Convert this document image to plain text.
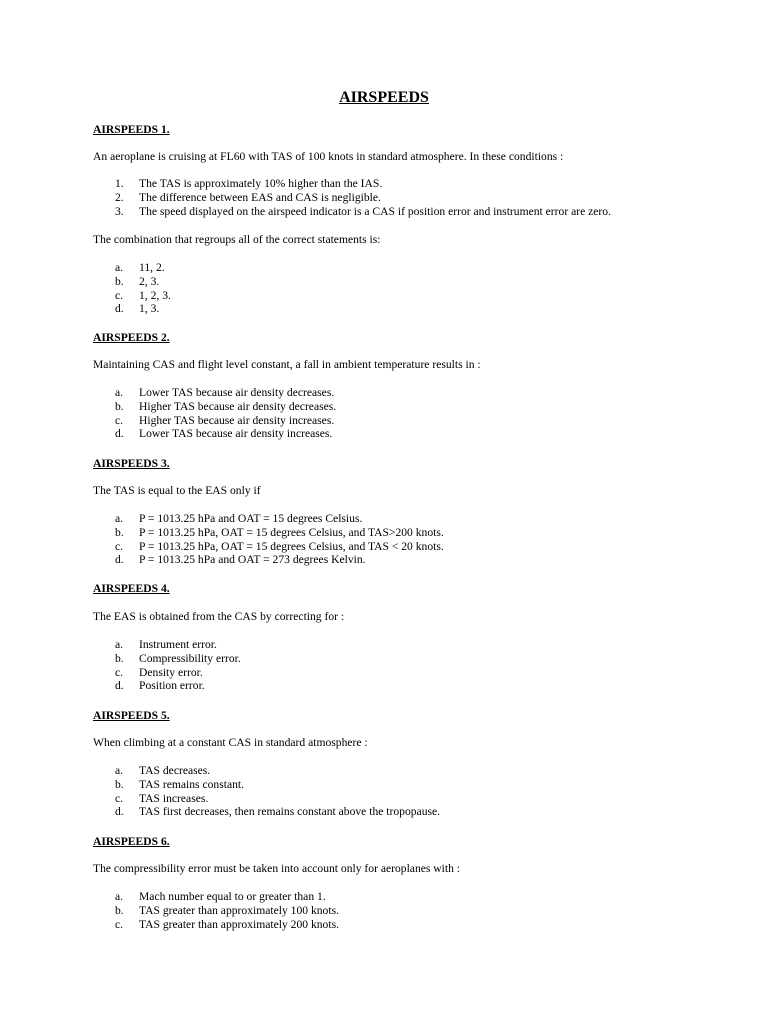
AIRSPEEDS

AIRSPEEDS 1.

An aeroplane is cruising at FL60 with TAS of 100 knots in standard atmosphere. In these conditions :

1. The TAS is approximately 10% higher than the IAS.
2. The difference between EAS and CAS is negligible.
3. The speed displayed on the airspeed indicator is a CAS if position error and instrument error are zero.

The combination that regroups all of the correct statements is:

a. 11, 2.
b. 2, 3.
c. 1, 2, 3.
d. 1, 3.

AIRSPEEDS 2.

Maintaining CAS and flight level constant, a fall in ambient temperature results in :

a. Lower TAS because air density decreases.
b. Higher TAS because air density decreases.
c. Higher TAS because air density increases.
d. Lower TAS because air density increases.

AIRSPEEDS 3.

The TAS is equal to the EAS only if

a. P = 1013.25 hPa and OAT = 15 degrees Celsius.
b. P = 1013.25 hPa, OAT = 15 degrees Celsius, and TAS>200 knots.
c. P = 1013.25 hPa, OAT = 15 degrees Celsius, and TAS < 20 knots.
d. P = 1013.25 hPa and OAT = 273 degrees Kelvin.

AIRSPEEDS 4.

The EAS is obtained from the CAS by correcting for :

a. Instrument error.
b. Compressibility error.
c. Density error.
d. Position error.

AIRSPEEDS 5.

When climbing at a constant CAS in standard atmosphere :

a. TAS decreases.
b. TAS remains constant.
c. TAS increases.
d. TAS first decreases, then remains constant above the tropopause.

AIRSPEEDS 6.

The compressibility error must be taken into account only for aeroplanes with :

a. Mach number equal to or greater than 1.
b. TAS greater than approximately 100 knots.
c. TAS greater than approximately 200 knots.
